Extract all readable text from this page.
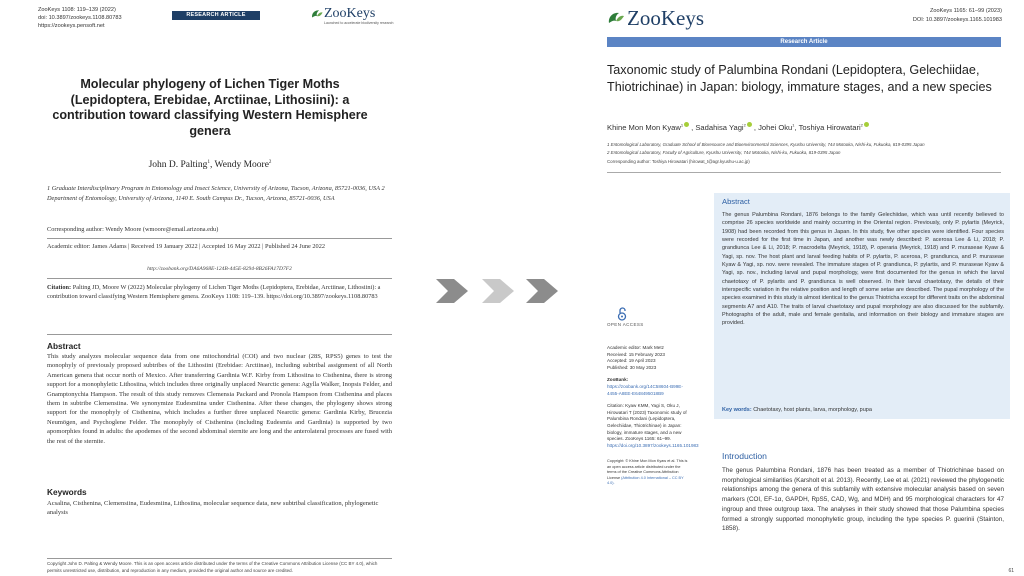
ZooKeys 1108: 119–139 (2022)
doi: 10.3897/zookeys.1108.80783
https://zookeys.pensoft.net
RESEARCH ARTICLE	ZooKeys
Launched to accelerate biodiversity research
Molecular phylogeny of Lichen Tiger Moths (Lepidoptera, Erebidae, Arctiinae, Lithosiini): a contribution toward classifying Western Hemisphere genera
John D. Palting$^1$, Wendy Moore$^2$
1 Graduate Interdisciplinary Program in Entomology and Insect Science, University of Arizona, Tucson, Arizona, 85721-0036, USA 2 Department of Entomology, University of Arizona, 1140 E. South Campus Dr., Tucson, Arizona, 85721-0036, USA
Corresponding author: Wendy Moore (wmoore@email.arizona.edu)
Academic editor: James Adams | Received 19 January 2022 | Accepted 16 May 2022 | Published 24 June 2022
http://zoobank.org/DA6A968E-124B-445E-8294-8B26FA17D7F2
Citation: Palting JD, Moore W (2022) Molecular phylogeny of Lichen Tiger Moths (Lepidoptera, Erebidae, Arctiinae, Lithosiini): a contribution toward classifying Western Hemisphere genera. ZooKeys 1108: 119–139. https://doi.org/10.3897/zookeys.1108.80783
Abstract
This study analyzes molecular sequence data from one mitochondrial (COI) and two nuclear (28S, RPS5) genes to test the monophyly of previously proposed subtribes of the Lithosiini (Erebidae: Arctiinae), including subtribal assignment of all North American genera that occur north of Mexico. After transferring Gardinia W.F. Kirby from Lithosiina to Cisthenina, there is strong support for a monophyletic Lithosiina, which includes three originally unplaced Nearctic genera: Agylla Walker, Inopsis Felder, and Gnamptonychia Hampson. The result of this study removes Clemensia Packard and Pronola Hampson from Cisthenina and places them in subtribe Clemensiina. We synonymize Eudesmiina under Cisthenina. After these changes, the phylogeny shows strong support for the monophyly of Cisthenina, which includes a further three unplaced Nearctic genera: Gardinia Kirby, Brucezia Neumögen, and Psychoglene Felder. The monophyly of Cisthenina (including Eudesmia and Gardinia) is supported by two apomorphies found in adults: the apodemes of the second abdominal sternite are long and the anterolateral processes are fused with the rest of the sternite.
Keywords
Acsalina, Cisthenina, Clemensiina, Eudesmiina, Lithosiina, molecular sequence data, new subtribal classification, phylogenetic analysis
Copyright John D. Palting & Wendy Moore. This is an open access article distributed under the terms of the Creative Commons Attribution License (CC BY 4.0), which permits unrestricted use, distribution, and reproduction in any medium, provided the original author and source are credited.
ZooKeys	ZooKeys 1165: 61–99 (2023)
DOI: 10.3897/zookeys.1165.101983
Research Article
Taxonomic study of Palumbina Rondani (Lepidoptera, Gelechiidae, Thiotrichinae) in Japan: biology, immature stages, and a new species
Khine Mon Mon Kyaw$^1$ , Sadahisa Yagi$^2$ , Johei Oku$^1$, Toshiya Hirowatari$^2$
1 Entomological Laboratory, Graduate School of Bioresource and Bioenvironmental Sciences, Kyushu University, 744 Motooka, Nishi-ku, Fukuoka, 819-0395 Japan
2 Entomological Laboratory, Faculty of Agriculture, Kyushu University, 744 Motooka, Nishi-ku, Fukuoka, 819-0395 Japan
Corresponding author: Toshiya Hirowatari (hirowat_t@agr.kyushu-u.ac.jp)
OPEN ACCESS

Academic editor: Mark Metz
Received: 15 February 2023
Accepted: 19 April 2023
Published: 30 May 2023

ZooBank: https://zoobank.org/14C58604-B99E-4455-A8EE-E648495018B9

Citation: Kyaw KMM, Yagi S, Oku J, Hirowatari T (2023) Taxonomic study of Palumbina Rondani (Lepidoptera, Gelechiidae, Thiotrichinae) in Japan: biology, immature stages, and a new species. ZooKeys 1165: 61–99. https://doi.org/10.3897/zookeys.1165.101983

Copyright: © Khine Mon Mon Kyaw et al. This is an open access article distributed under the terms of the Creative Commons Attribution License (Attribution 4.0 International – CC BY 4.0).

Abstract
The genus Palumbina Rondani, 1876 belongs to the family Gelechiidae, which was until recently believed to comprise 26 species worldwide and mainly occurring in the Oriental region. Previously, only P. pylartis (Meyrick, 1908) had been recorded from this genus in Japan. In this study, five other species were identified. Four species were recorded for the first time in Japan, and another was newly described: P. acerosa Lee & Li, 2018; P. grandiunca Lee & Li, 2018; P. macrodelta (Meyrick, 1918), P. operaria (Meyrick, 1918) and P. muraseae Kyaw & Yagi, sp. nov. The host plant and larval feeding habits of P. pylartis, P. acerosa, P. grandiunca, and P. muraseae Kyaw & Yagi, sp. nov. were revealed. The immature stages of P. grandiunca, P. pylartis, and P. muraseae Kyaw & Yagi, sp. nov., including larval and pupal morphology, were first documented for the genus in which the larval chaetotaxy of P. pylartis and P. grandiunca is well observed. In their larval chaetotaxy, the details of their interspecific variation in the relative position and length of some setae are described. The pupal morphology of the species examined in this study is almost identical to the genus Thiotricha except for different traits on the abdominal segments A7 and A10. The traits of larval chaetotaxy and pupal morphology are also discussed for the subfamily. Photographs of the adult, male and female genitalia, and information on their biology and immature stages are provided.
Key words: Chaetotaxy, host plants, larva, morphology, pupa
Introduction
The genus Palumbina Rondani, 1876 has been treated as a member of Thiotrichinae based on morphological similarities (Karsholt et al. 2013). Recently, Lee et al. (2021) reviewed the phylogenetic relationships among the genera of this subfamily with extensive molecular analysis based on seven markers (COI, EF-1α, GAPDH, RpS5, CAD, Wg, and MDH) and 95 morphological characters for 47 ingroup and three outgroup taxa. The analyses in their study showed that those Palumbina species formed a strongly supported monophyletic group, including the type species P. guerinii (Stainton, 1858).
61
